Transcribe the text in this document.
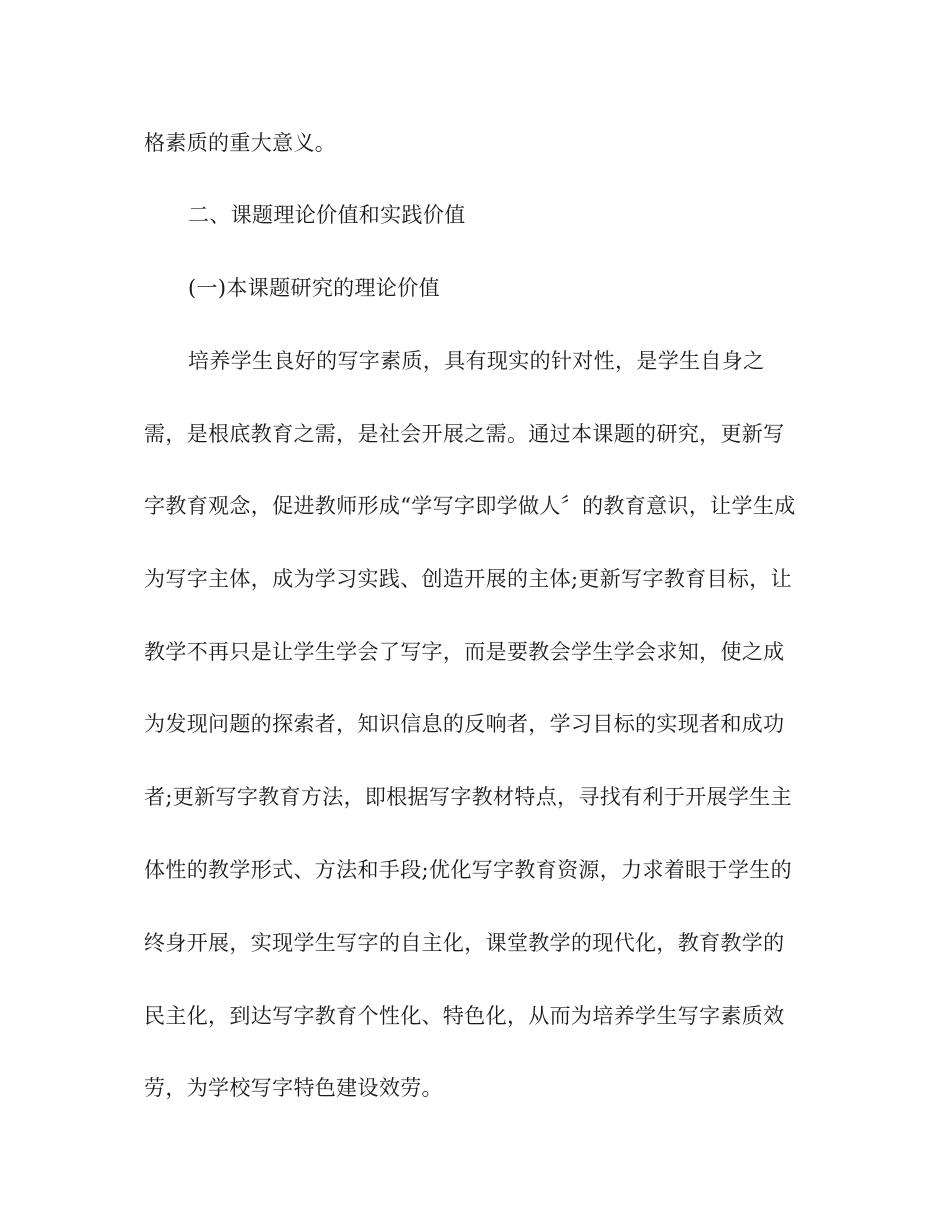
格素质的重大意义。

二、课题理论价值和实践价值

(一)本课题研究的理论价值

培养学生良好的写字素质，具有现实的针对性，是学生自身之

需，是根底教育之需，是社会开展之需。通过本课题的研究，更新写

字教育观念，促进教师形成“学写字即学做人〞的教育意识，让学生成

为写字主体，成为学习实践、创造开展的主体;更新写字教育目标，让

教学不再只是让学生学会了写字，而是要教会学生学会求知，使之成

为发现问题的探索者，知识信息的反响者，学习目标的实现者和成功

者;更新写字教育方法，即根据写字教材特点，寻找有利于开展学生主

体性的教学形式、方法和手段;优化写字教育资源，力求着眼于学生的

终身开展，实现学生写字的自主化，课堂教学的现代化，教育教学的

民主化，到达写字教育个性化、特色化，从而为培养学生写字素质效

劳，为学校写字特色建设效劳。
